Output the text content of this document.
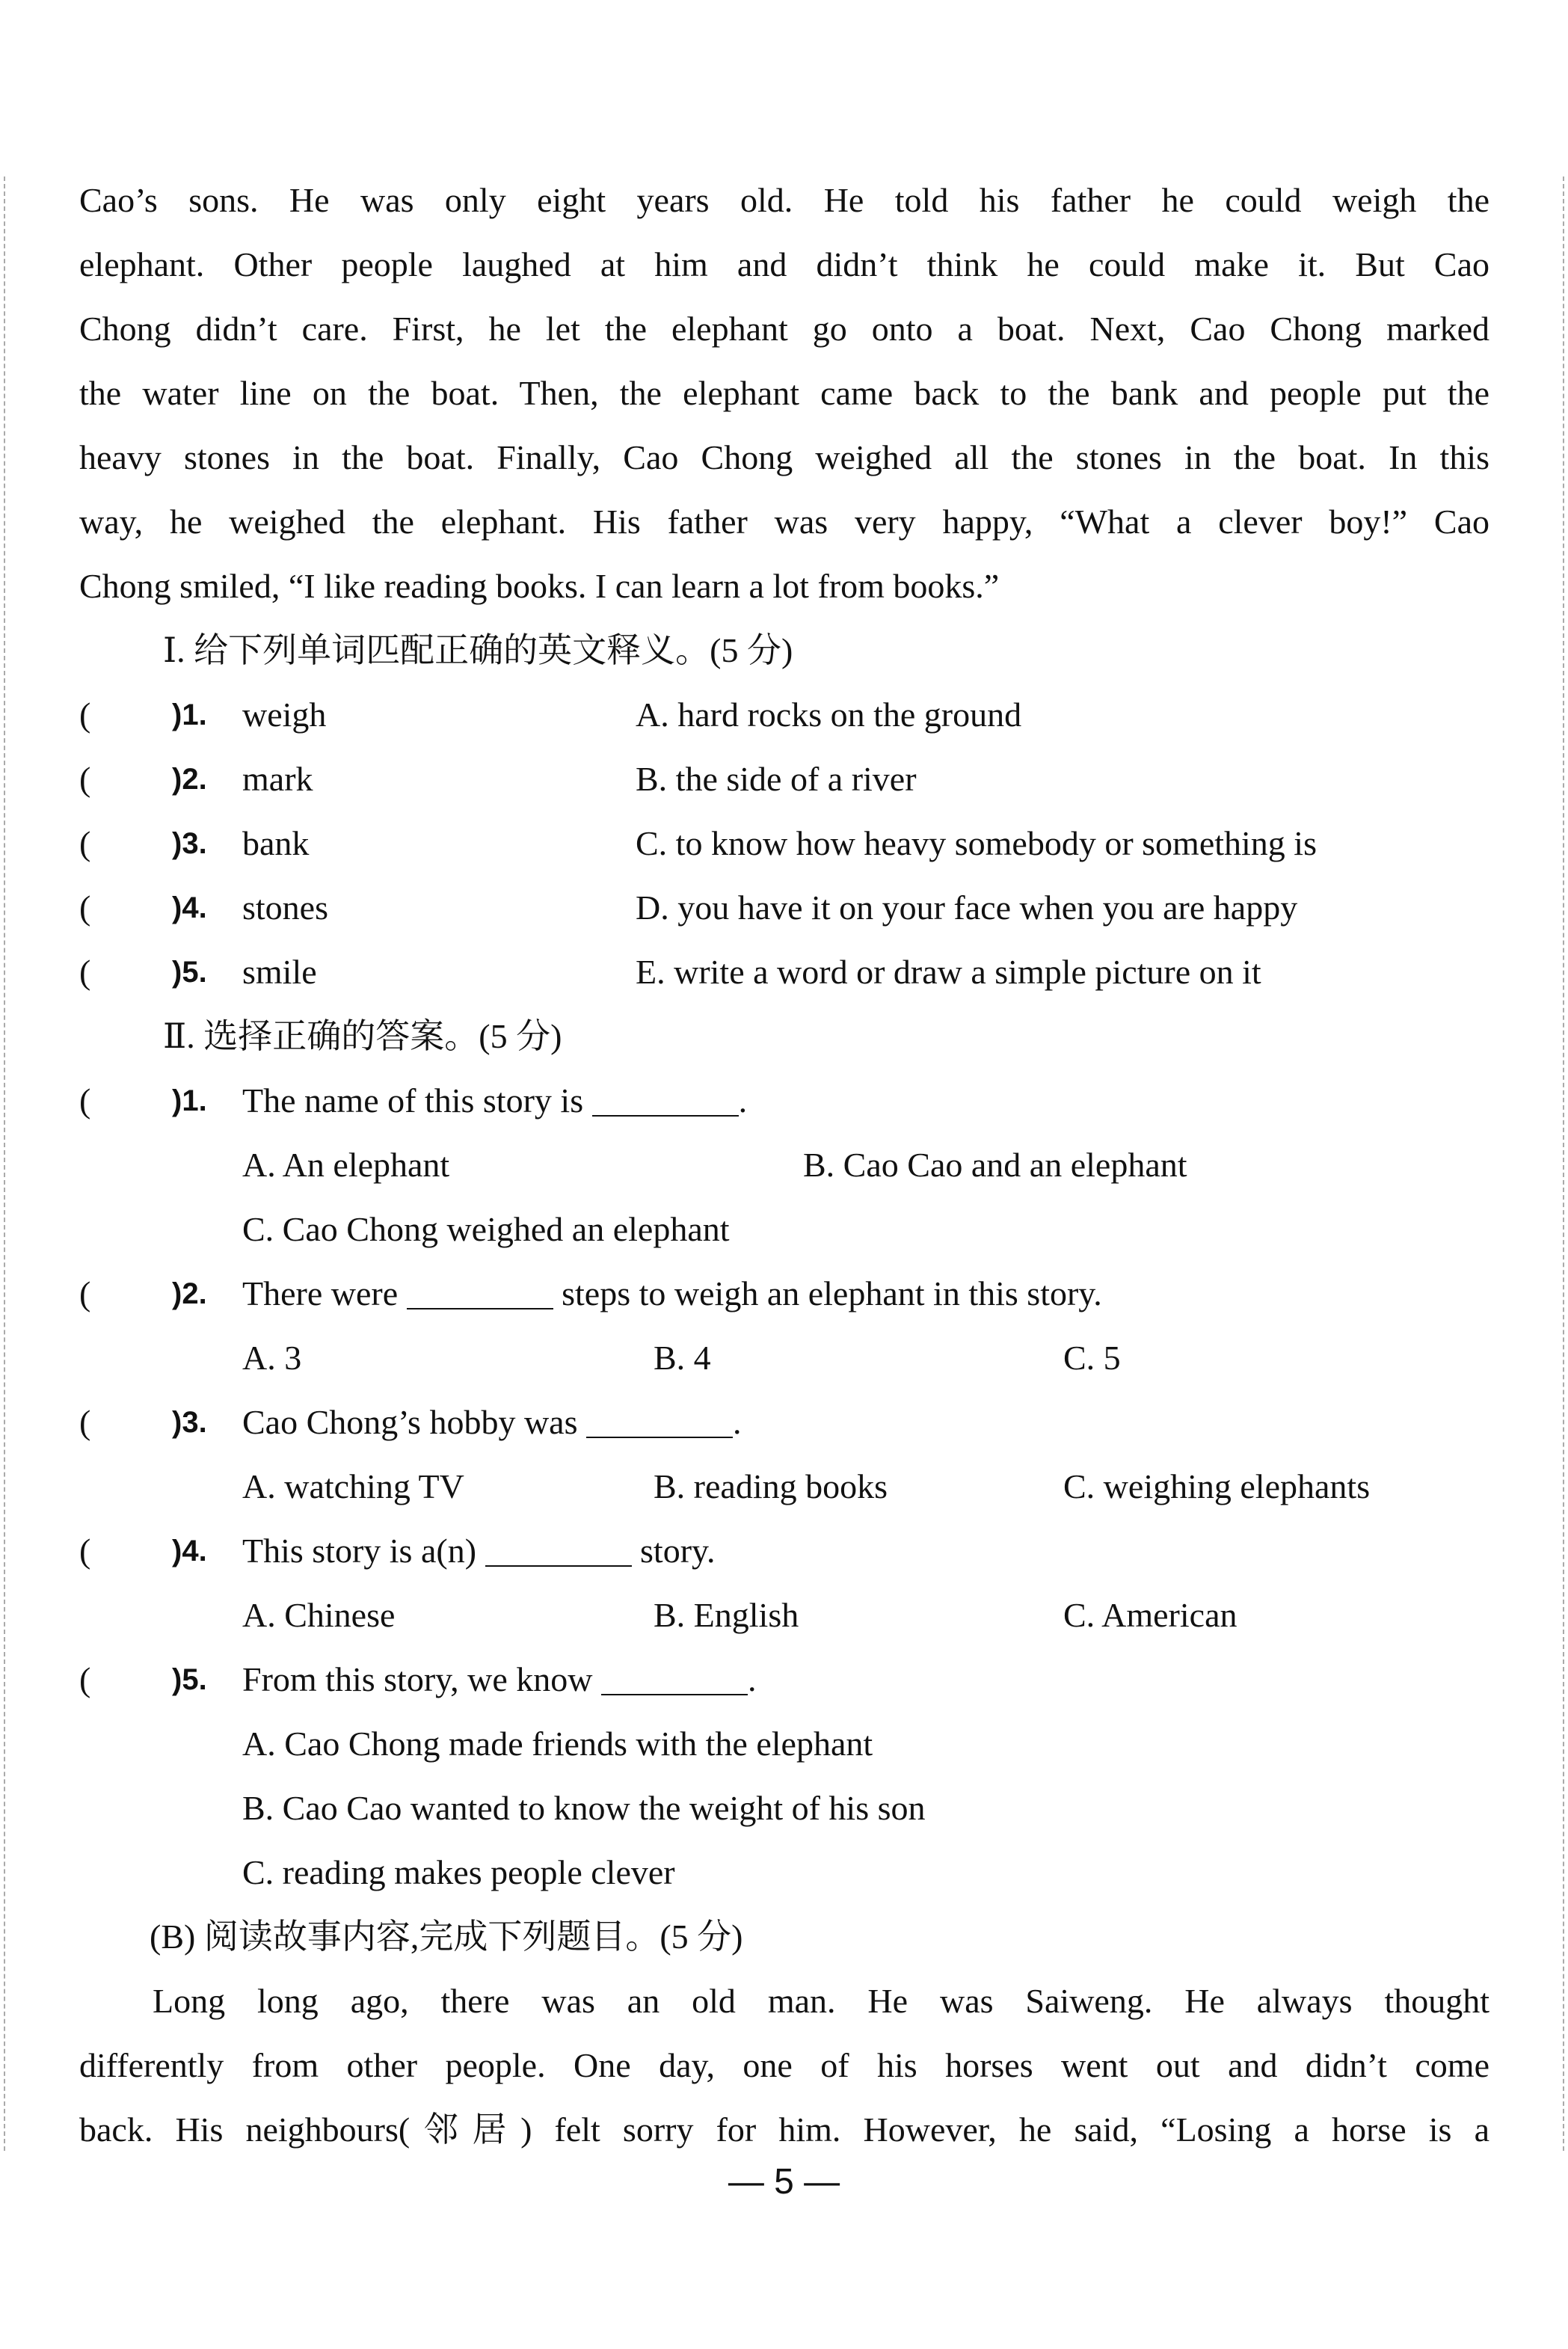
Cao’s sons. He was only eight years old. He told his father he could weigh the
elephant. Other people laughed at him and didn’t think he could make it. But Cao
Chong didn’t care. First, he let the elephant go onto a boat. Next, Cao Chong marked
the water line on the boat. Then, the elephant came back to the bank and people put the
heavy stones in the boat. Finally, Cao Chong weighed all the stones in the boat. In this
way, he weighed the elephant. His father was very happy, “What a clever boy!” Cao
Chong smiled, “I like reading books. I can learn a lot from books.”
Ⅰ. 给下列单词匹配正确的英文释义。(5 分)
(	)1. weigh	A. hard rocks on the ground
(	)2. mark	B. the side of a river
(	)3. bank	C. to know how heavy somebody or something is
(	)4. stones	D. you have it on your face when you are happy
(	)5. smile	E. write a word or draw a simple picture on it
Ⅱ. 选择正确的答案。(5 分)
(	)1. The name of this story is	.
A. An elephant	B. Cao Cao and an elephant
C. Cao Chong weighed an elephant
(	)2. There were	steps to weigh an elephant in this story.
A. 3	B. 4	C. 5
(	)3. Cao Chong’s hobby was	.
A. watching TV	B. reading books	C. weighing elephants
(	)4. This story is a(n)	story.
A. Chinese	B. English	C. American
(	)5. From this story, we know	.
A. Cao Chong made friends with the elephant
B. Cao Cao wanted to know the weight of his son
C. reading makes people clever
(B) 阅读故事内容,完成下列题目。(5 分)
Long long ago, there was an old man. He was Saiweng. He always thought
differently from other people. One day, one of his horses went out and didn’t come
back. His neighbours(邻居) felt sorry for him. However, he said, “Losing a horse is a
— 5 —
